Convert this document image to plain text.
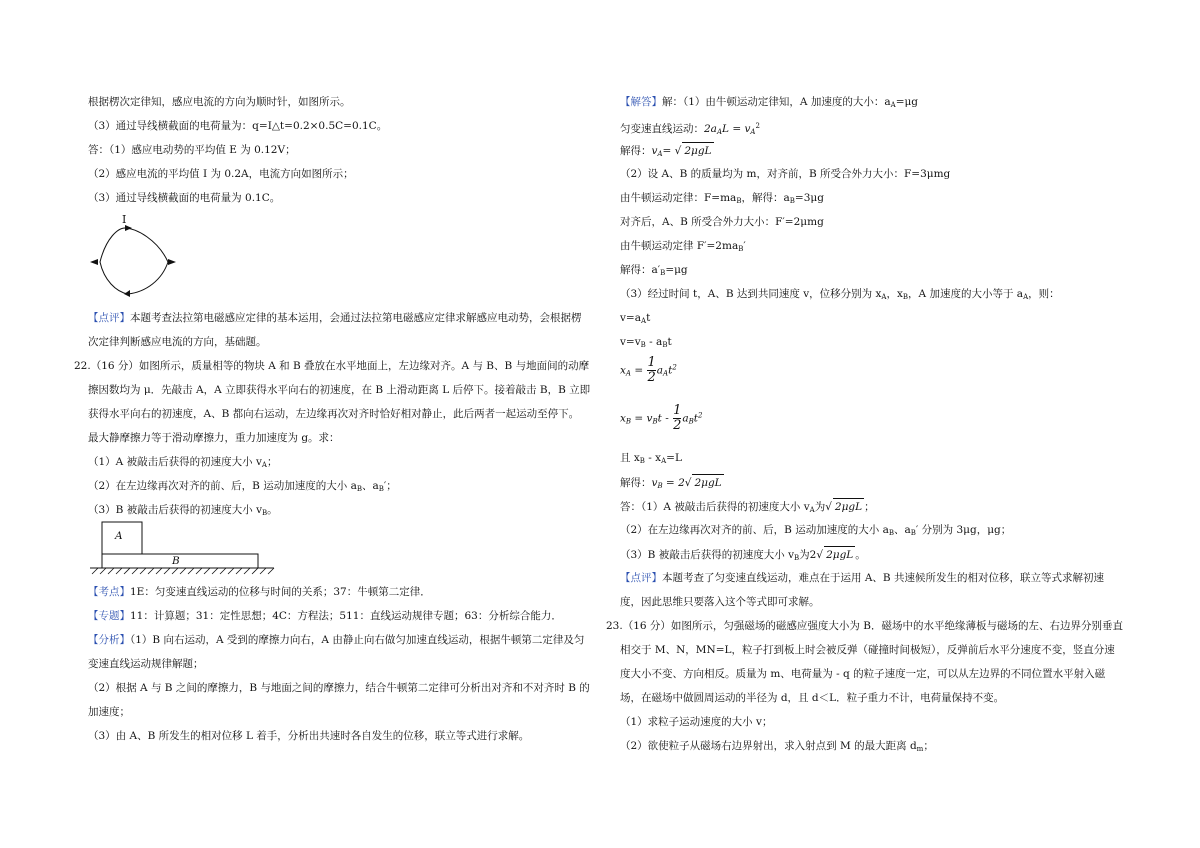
根据楞次定律知，感应电流的方向为顺时针，如图所示。
（3）通过导线横截面的电荷量为：q=I△t=0.2×0.5C=0.1C。
答：（1）感应电动势的平均值 E 为 0.12V；
（2）感应电流的平均值 I 为 0.2A，电流方向如图所示；
（3）通过导线横截面的电荷量为 0.1C。
I
【点评】本题考查法拉第电磁感应定律的基本运用，会通过法拉第电磁感应定律求解感应电动势，会根据楞
次定律判断感应电流的方向，基础题。
22.（16 分）如图所示，质量相等的物块 A 和 B 叠放在水平地面上，左边缘对齐。A 与 B、B 与地面间的动摩
擦因数均为 μ．先敲击 A，A 立即获得水平向右的初速度，在 B 上滑动距离 L 后停下。接着敲击 B，B 立即
获得水平向右的初速度，A、B 都向右运动，左边缘再次对齐时恰好相对静止，此后两者一起运动至停下。
最大静摩擦力等于滑动摩擦力，重力加速度为 g。求：
（1）A 被敲击后获得的初速度大小 $v_A$；
（2）在左边缘再次对齐的前、后，B 运动加速度的大小 $a_B$、$a_B'$；
（3）B 被敲击后获得的初速度大小 $v_B$。
A
B
【考点】1E：匀变速直线运动的位移与时间的关系；37：牛顿第二定律．
【专题】11：计算题；31：定性思想；4C：方程法；511：直线运动规律专题；63：分析综合能力．
【分析】（1）B 向右运动，A 受到的摩擦力向右，A 由静止向右做匀加速直线运动，根据牛顿第二定律及匀
变速直线运动规律解题；
（2）根据 A 与 B 之间的摩擦力，B 与地面之间的摩擦力，结合牛顿第二定律可分析出对齐和不对齐时 B 的
加速度；
（3）由 A、B 所发生的相对位移 L 着手，分析出共速时各自发生的位移，联立等式进行求解。
【解答】解：（1）由牛顿运动定律知，A 加速度的大小：$a_A=\mu g$
匀变速直线运动：$2a_AL = v_A^2$
解得：$v_A=$ √ 2μgL
（2）设 A、B 的质量均为 m，对齐前，B 所受合外力大小：F=3μmg
由牛顿运动定律：$F=ma_B$，解得：$a_B=3\mu g$
对齐后，A、B 所受合外力大小：F′=2μmg
由牛顿运动定律 $F'=2ma_B'$
解得：$a'_B=\mu g$
（3）经过时间 t，A、B 达到共同速度 v，位移分别为 $x_A$，$x_B$，A 加速度的大小等于 $a_A$，则：
$v=a_At$
$v=v_B - a_Bt$
$x_A = \frac{1}{2} a_At^2$
$x_B = v_Bt - \frac{1}{2} a_Bt^2$
且 $x_B - x_A=L$
解得：$v_B = 2√$ 2μgL
答：（1）A 被敲击后获得的初速度大小 $v_A$为√ 2μgL ；
（2）在左边缘再次对齐的前、后，B 运动加速度的大小 $a_B$、$a_B'$ 分别为 3μg，μg；
（3）B 被敲击后获得的初速度大小 $v_B$为2√ 2μgL 。
【点评】本题考查了匀变速直线运动，难点在于运用 A、B 共速候所发生的相对位移，联立等式求解初速
度，因此思维只要落入这个等式即可求解。
23.（16 分）如图所示，匀强磁场的磁感应强度大小为 B．磁场中的水平绝缘薄板与磁场的左、右边界分别垂直
相交于 M、N，MN=L，粒子打到板上时会被反弹（碰撞时间极短），反弹前后水平分速度不变，竖直分速
度大小不变、方向相反。质量为 m、电荷量为 - q 的粒子速度一定，可以从左边界的不同位置水平射入磁
场，在磁场中做圆周运动的半径为 d，且 d＜L．粒子重力不计，电荷量保持不变。
（1）求粒子运动速度的大小 v；
（2）欲使粒子从磁场右边界射出，求入射点到 M 的最大距离 $d_m$；
